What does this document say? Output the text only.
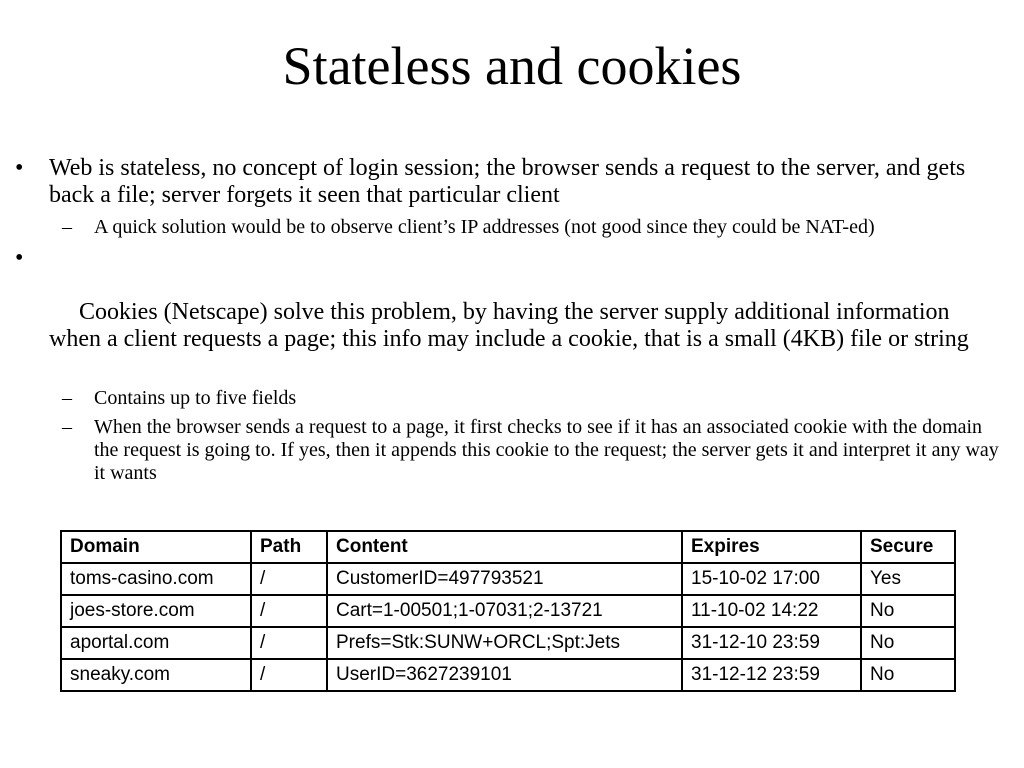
Stateless and cookies
• Web is stateless, no concept of login session; the browser sends a request to the server, and gets back a file; server forgets it seen that particular client
– A quick solution would be to observe client’s IP addresses (not good since they could be NAT-ed)

•

Cookies (Netscape) solve this problem, by having the server supply additional information when a client requests a page; this info may include a cookie, that is a small (4KB) file or string

– Contains up to five fields
– When the browser sends a request to a page, it first checks to see if it has an associated cookie with the domain the request is going to. If yes, then it appends this cookie to the request; the server gets it and interpret it any way it wants
Domain	Path	Content	Expires	Secure
toms-casino.com	/	CustomerID=497793521	15-10-02 17:00	Yes
joes-store.com	/	Cart=1-00501;1-07031;2-13721	11-10-02 14:22	No
aportal.com	/	Prefs=Stk:SUNW+ORCL;Spt:Jets	31-12-10 23:59	No
sneaky.com	/	UserID=3627239101	31-12-12 23:59	No
